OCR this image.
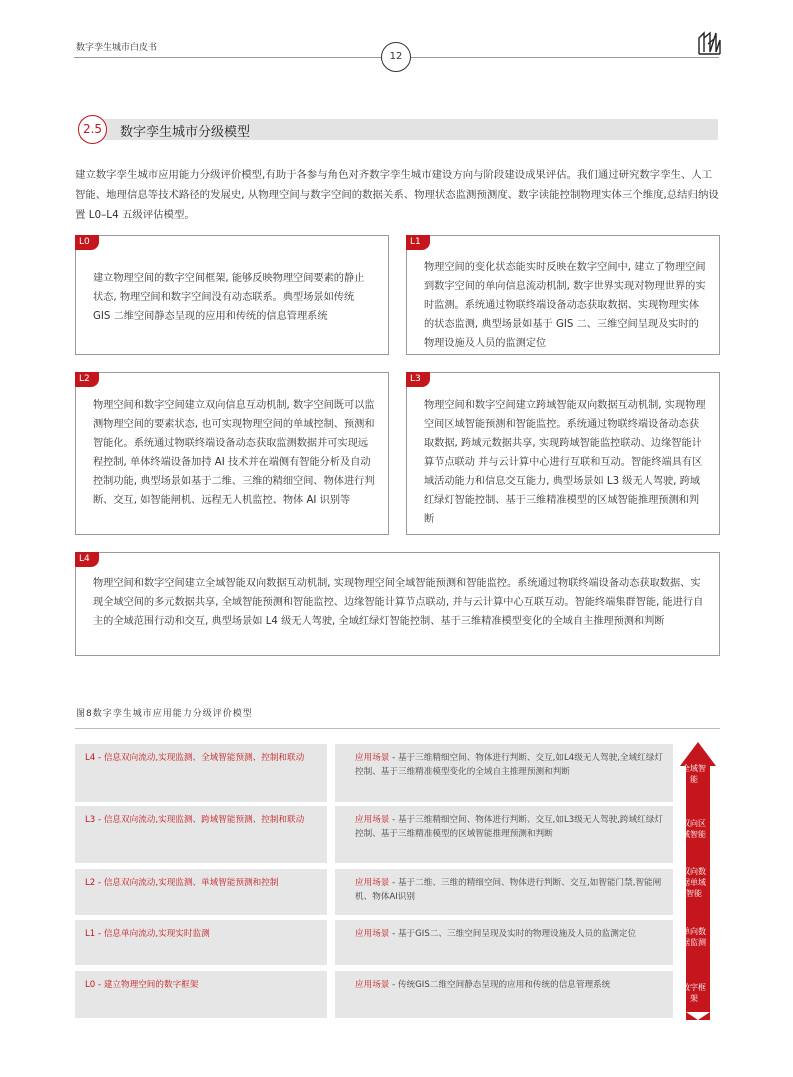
数字孪生城市白皮书
12
2.5	数字孪生城市分级模型
建立数字孪生城市应用能力分级评价模型,有助于各参与角色对齐数字孪生城市建设方向与阶段建设成果评估。我们通过研究数字孪生、人工智能、地理信息等技术路径的发展史, 从物理空间与数字空间的数据关系、物理状态监测预测度、数字读能控制物理实体三个维度,总结归纳设置 L0–L4 五级评估模型。
L0
建立物理空间的数字空间框架, 能够反映物理空间要素的静止状态, 物理空间和数字空间没有动态联系。典型场景如传统 GIS 二维空间静态呈现的应用和传统的信息管理系统
L1
物理空间的变化状态能实时反映在数字空间中, 建立了物理空间到数字空间的单向信息流动机制, 数字世界实现对物理世界的实时监测。系统通过物联终端设备动态获取数据、实现物理实体的状态监测, 典型场景如基于 GIS 二、三维空间呈现及实时的物理设施及人员的监测定位
L2
物理空间和数字空间建立双向信息互动机制, 数字空间既可以监测物理空间的要素状态, 也可实现物理空间的单域控制、预测和智能化。系统通过物联终端设备动态获取监测数据并可实现远程控制, 单体终端设备加持 AI 技术并在端侧有智能分析及自动控制功能, 典型场景如基于二维、三维的精细空间、物体进行判断、交互, 如智能闸机、远程无人机监控、物体 AI 识别等
L3
物理空间和数字空间建立跨域智能双向数据互动机制, 实现物理空间区域智能预测和智能监控。系统通过物联终端设备动态获取数据, 跨域元数据共享, 实现跨域智能监控联动、边缘智能计算节点联动 并与云计算中心进行互联和互动。智能终端具有区域活动能力和信息交互能力, 典型场景如 L3 级无人驾驶, 跨域红绿灯智能控制、基于三维精准模型的区域智能推理预测和判断
L4
物理空间和数字空间建立全域智能双向数据互动机制, 实现物理空间全域智能预测和智能监控。系统通过物联终端设备动态获取数据、实现全域空间的多元数据共享, 全域智能预测和智能监控、边缘智能计算节点联动, 并与云计算中心互联互动。智能终端集群智能, 能进行自主的全域范围行动和交互, 典型场景如 L4 级无人驾驶, 全域红绿灯智能控制、基于三维精准模型变化的全域自主推理预测和判断
图8数字孪生城市应用能力分级评价模型
L4 - 信息双向流动,实现监测、全域智能预测、控制和联动	应用场景 - 基于三维精细空间、物体进行判断、交互,如L4级无人驾驶,全域红绿灯控制、基于三维精准模型变化的全域自主推理预测和判断
L3 - 信息双向流动,实现监测、跨域智能预测、控制和联动	应用场景 - 基于三维精细空间、物体进行判断、交互,如L3级无人驾驶,跨域红绿灯控制、基于三维精准模型的区域智能推理预测和判断
L2 - 信息双向流动,实现监测、单域智能预测和控制	应用场景 - 基于二维、三维的精细空间、物体进行判断、交互,如智能门禁,智能闸机、物体AI识别
L1 - 信息单向流动,实现实时监测	应用场景 - 基于GIS二、三维空间呈现及实时的物理设施及人员的监测定位
L0 - 建立物理空间的数字框架	应用场景 - 传统GIS二维空间静态呈现的应用和传统的信息管理系统
全域智能
双向区域智能
双向数据单域智能
单向数据监测
数字框架
